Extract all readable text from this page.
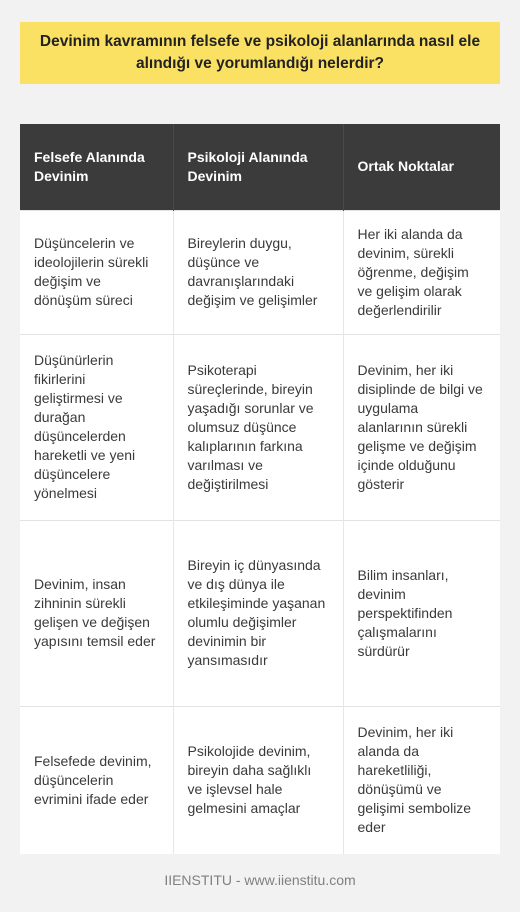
Devinim kavramının felsefe ve psikoloji alanlarında nasıl ele alındığı ve yorumlandığı nelerdir?
Felsefe Alanında Devinim	Psikoloji Alanında Devinim	Ortak Noktalar
Düşüncelerin ve ideolojilerin sürekli değişim ve dönüşüm süreci	Bireylerin duygu, düşünce ve davranışlarındaki değişim ve gelişimler	Her iki alanda da devinim, sürekli öğrenme, değişim ve gelişim olarak değerlendirilir
Düşünürlerin fikirlerini geliştirmesi ve durağan düşüncelerden hareketli ve yeni düşüncelere yönelmesi	Psikoterapi süreçlerinde, bireyin yaşadığı sorunlar ve olumsuz düşünce kalıplarının farkına varılması ve değiştirilmesi	Devinim, her iki disiplinde de bilgi ve uygulama alanlarının sürekli gelişme ve değişim içinde olduğunu gösterir
Devinim, insan zihninin sürekli gelişen ve değişen yapısını temsil eder	Bireyin iç dünyasında ve dış dünya ile etkileşiminde yaşanan olumlu değişimler devinimin bir yansımasıdır	Bilim insanları, devinim perspektifinden çalışmalarını sürdürür
Felsefede devinim, düşüncelerin evrimini ifade eder	Psikolojide devinim, bireyin daha sağlıklı ve işlevsel hale gelmesini amaçlar	Devinim, her iki alanda da hareketliliği, dönüşümü ve gelişimi sembolize eder
IIENSTITU - www.iienstitu.com
